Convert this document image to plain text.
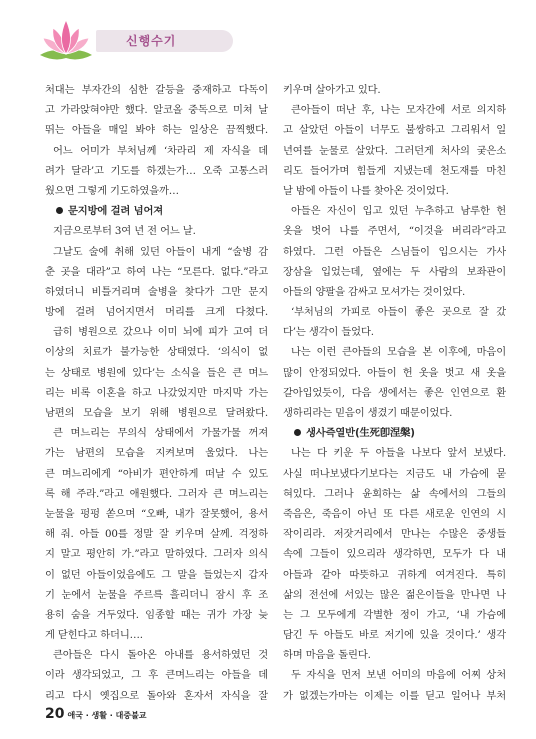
신행수기
처대는 부자간의 심한 갈등을 중재하고 다독이
고 가라앉혀야만 했다. 알코올 중독으로 미쳐 날
뛰는 아들을 매일 봐야 하는 일상은 끔찍했다.
어느 어미가 부처님께 ‘차라리 제 자식을 데
려가 달라’고 기도를 하겠는가… 오죽 고통스러
웠으면 그렇게 기도하였을까…
문지방에 걸려 넘어져
지금으로부터 3여 년 전 어느 날.
그날도 술에 취해 있던 아들이 내게 “술병 감
춘 곳을 대라”고 하여 나는 “모른다. 없다.”라고
하였더니 비틀거리며 술병을 찾다가 그만 문지
방에 걸려 넘어지면서 머리를 크게 다쳤다.
급히 병원으로 갔으나 이미 뇌에 피가 고여 더
이상의 치료가 불가능한 상태였다. ‘의식이 없
는 상태로 병원에 있다’는 소식을 들은 큰 며느
리는 비록 이혼을 하고 나갔었지만 마지막 가는
남편의 모습을 보기 위해 병원으로 달려왔다.
큰 며느리는 무의식 상태에서 가물가물 꺼져
가는 남편의 모습을 지켜보며 울었다. 나는
큰 며느리에게 “아비가 편안하게 떠날 수 있도
록 해 주라.”라고 애원했다. 그러자 큰 며느리는
눈물을 펑펑 쏟으며 “오빠, 내가 잘못했어, 용서
해 줘. 아들 00를 정말 잘 키우며 살께. 걱정하
지 말고 평안히 가.”라고 말하였다. 그러자 의식
이 없던 아들이었음에도 그 말을 들었는지 갑자
기 눈에서 눈물을 주르륵 흘리더니 잠시 후 조
용히 숨을 거두었다. 임종할 때는 귀가 가장 늦
게 닫힌다고 하더니….
큰아들은 다시 돌아온 아내를 용서하였던 것
이라 생각되었고, 그 후 큰며느리는 아들을 데
리고 다시 옛집으로 돌아와 혼자서 자식을 잘
키우며 살아가고 있다.
큰아들이 떠난 후, 나는 모자간에 서로 의지하
고 살았던 아들이 너무도 불쌍하고 그리워서 일
년여를 눈물로 살았다. 그러던게 처사의 궂은소
리도 들어가며 힘들게 지냈는데 천도재를 마친
날 밤에 아들이 나를 찾아온 것이었다.
아들은 자신이 입고 있던 누추하고 남루한 헌
옷을 벗어 나를 주면서, “이것을 버리라”라고
하였다. 그런 아들은 스님들이 입으시는 가사
장삼을 입었는데, 옆에는 두 사람의 보좌관이
아들의 양팔을 감싸고 모셔가는 것이었다.
‘부처님의 가피로 아들이 좋은 곳으로 잘 갔
다’는 생각이 들었다.
나는 이런 큰아들의 모습을 본 이후에, 마음이
많이 안정되었다. 아들이 헌 옷을 벗고 새 옷을
갈아입었듯이, 다음 생에서는 좋은 인연으로 환
생하리라는 믿음이 생겼기 때문이었다.
생사즉열반(生死卽涅槃)
나는 다 키운 두 아들을 나보다 앞서 보냈다.
사실 떠나보냈다기보다는 지금도 내 가슴에 묻
혀있다. 그러나 윤회하는 삶 속에서의 그들의
죽음은, 죽음이 아닌 또 다른 새로운 인연의 시
작이리라. 저잣거리에서 만나는 수많은 중생들
속에 그들이 있으리라 생각하면, 모두가 다 내
아들과 같아 따뜻하고 귀하게 여겨진다. 특히
삶의 전선에 서있는 많은 젊은이들을 만나면 나
는 그 모두에게 각별한 정이 가고, ‘내 가슴에
담긴 두 아들도 바로 저기에 있을 것이다.’ 생각
하며 마음을 돌린다.
두 자식을 먼저 보낸 어미의 마음에 어찌 상처
가 없겠는가마는 이제는 이를 딛고 일어나 부처
20 애국 · 생활 · 대중불교
